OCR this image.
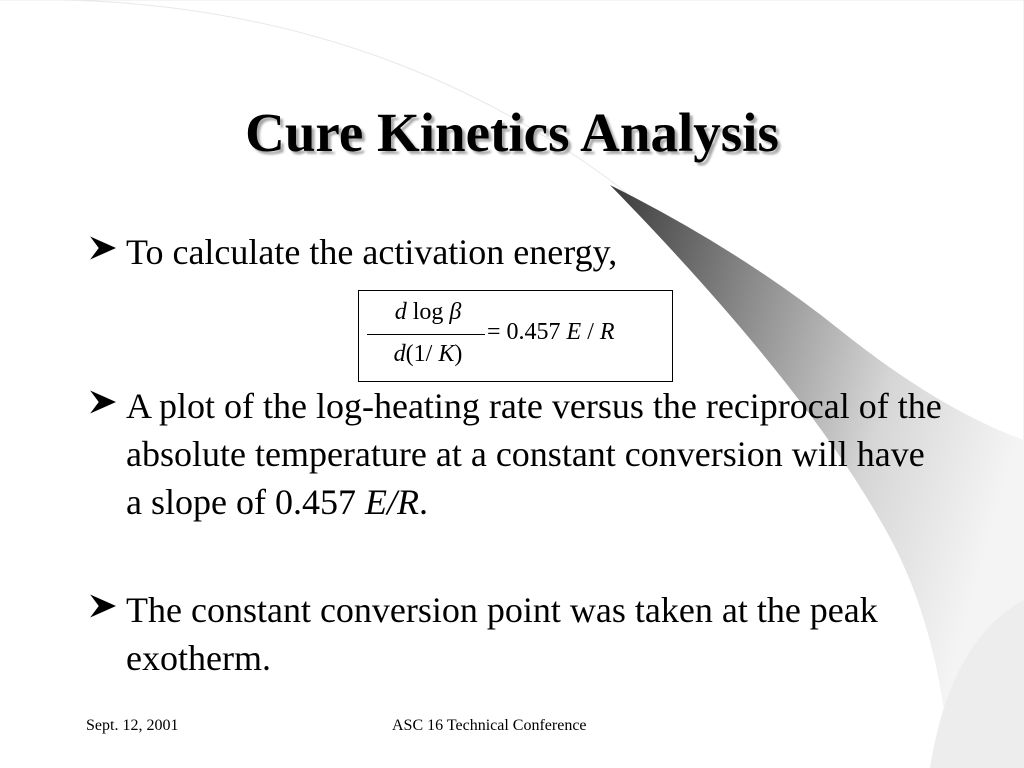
Cure Kinetics Analysis
To calculate the activation energy,
A plot of the log-heating rate versus the reciprocal of the absolute temperature at a constant conversion will have a slope of 0.457 E/R.
The constant conversion point was taken at the peak exotherm.
d log β
d(1/ K)
= 0.457 E / R
Sept. 12, 2001	ASC 16 Technical Conference
